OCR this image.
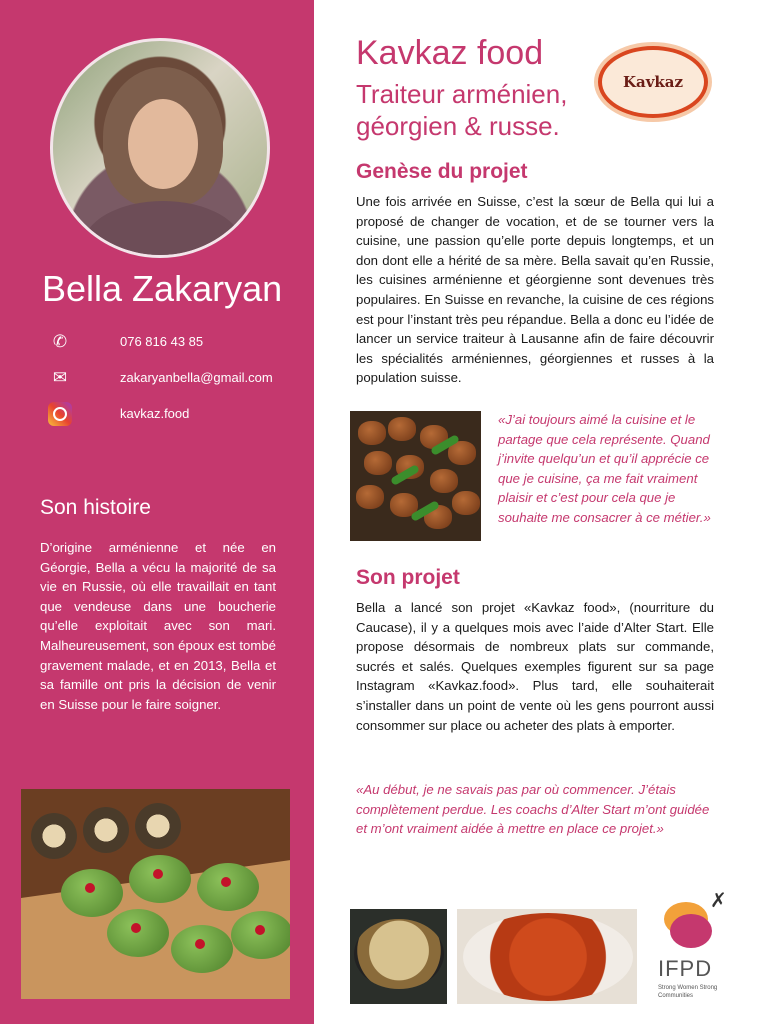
Bella Zakaryan
✆	076 816 43 85
✉	zakaryanbella@gmail.com
kavkaz.food
Son histoire

D’origine arménienne et née en Géorgie, Bella a vécu la majorité de sa vie en Russie, où elle travaillait en tant que vendeuse dans une boucherie qu’elle exploitait avec son mari. Malheureusement, son époux est tombé gravement malade, et en 2013, Bella et sa famille ont pris la décision de venir en Suisse pour le faire soigner.

Kavkaz food
Traiteur arménien, géorgien & russe.
Kavkaz
Genèse du projet

Une fois arrivée en Suisse, c’est la sœur de Bella qui lui a proposé de changer de vocation, et de se tourner vers la cuisine, une passion qu’elle porte depuis longtemps, et un don dont elle a hérité de sa mère. Bella savait qu’en Russie, les cuisines arménienne et géorgienne sont devenues très populaires. En Suisse en revanche, la cuisine de ces régions est pour l’instant très peu répandue. Bella a donc eu l’idée de lancer un service traiteur à Lausanne afin de faire découvrir les spécialités arméniennes, géorgiennes et russes à la population suisse.

«J’ai toujours aimé la cuisine et le partage que cela représente. Quand j’invite quelqu’un et qu’il apprécie ce que je cuisine, ça me fait vraiment plaisir et c’est pour cela que je souhaite me consacrer à ce métier.»

Son projet

Bella a lancé son projet «Kavkaz food», (nourriture du Caucase), il y a quelques mois avec l’aide d’Alter Start. Elle propose désormais de nombreux plats sur commande, sucrés et salés. Quelques exemples figurent sur sa page Instagram «Kavkaz.food». Plus tard, elle souhaiterait s’installer dans un point de vente où les gens pourront aussi consommer sur place ou acheter des plats à emporter.

«Au début, je ne savais pas par où commencer. J’étais complètement perdue. Les coachs d’Alter Start m’ont guidée et m’ont vraiment aidée à mettre en place ce projet.»

✗
IFPD
Strong Women Strong Communities
